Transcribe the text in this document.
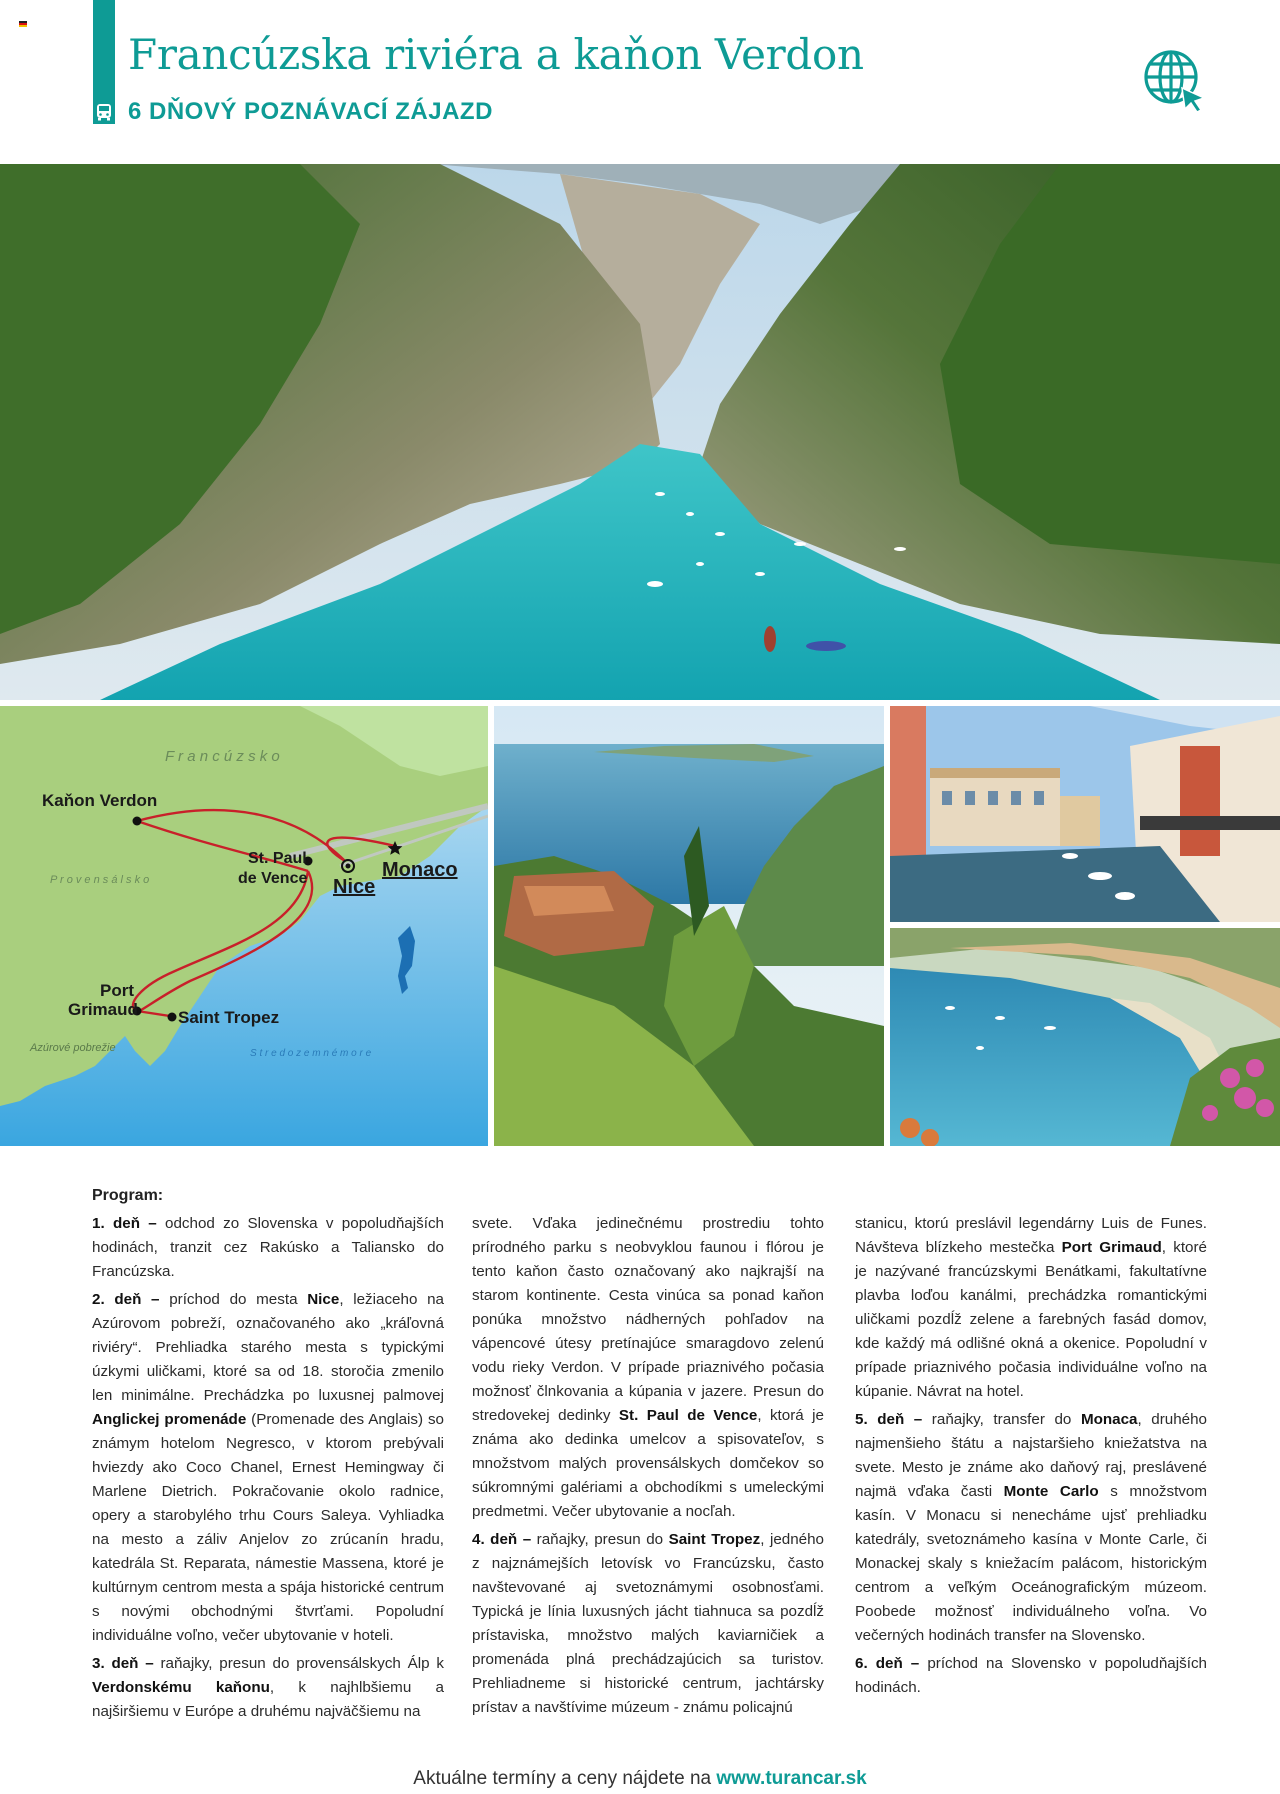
Francúzska riviéra a kaňon Verdon
6 DŇOVÝ POZNÁVACÍ ZÁJAZD
F r a n c ú z s k o
P r o v e n s á l s k o
Azúrové pobrežie	S t r e d o z e m n é m o r e
Kaňon Verdon
St. Paul
de Vence Nice
Monaco
Port
Grimaud Saint Tropez
Program:

1. deň – odchod zo Slovenska v popoludňajších hodinách, tranzit cez Rakúsko a Taliansko do Francúzska.

2. deň – príchod do mesta Nice, ležiaceho na Azúrovom pobreží, označovaného ako „kráľovná riviéry“. Prehliadka starého mesta s typickými úzkymi uličkami, ktoré sa od 18. storočia zmenilo len minimálne. Prechádzka po luxusnej palmovej Anglickej promenáde (Promenade des Anglais) so známym hotelom Negresco, v ktorom prebývali hviezdy ako Coco Chanel, Ernest Hemingway či Marlene Dietrich. Pokračovanie okolo radnice, opery a starobylého trhu Cours Saleya. Vyhliadka na mesto a záliv Anjelov zo zrúcanín hradu, katedrála St. Reparata, námestie Massena, ktoré je kultúrnym centrom mesta a spája historické centrum s novými obchodnými štvrťami. Popoludní individuálne voľno, večer ubytovanie v hoteli.

3. deň – raňajky, presun do provensálskych Álp k Verdonskému kaňonu, k najhlbšiemu a najširšiemu v Európe a druhému najväčšiemu na

svete. Vďaka jedinečnému prostrediu tohto prírodného parku s neobvyklou faunou i flórou je tento kaňon často označovaný ako najkrajší na starom kontinente. Cesta vinúca sa ponad kaňon ponúka množstvo nádherných pohľadov na vápencové útesy pretínajúce smaragdovo zelenú vodu rieky Verdon. V prípade priaznivého počasia možnosť člnkovania a kúpania v jazere. Presun do stredovekej dedinky St. Paul de Vence, ktorá je známa ako dedinka umelcov a spisovateľov, s množstvom malých provensálskych domčekov so súkromnými galériami a obchodíkmi s umeleckými predmetmi. Večer ubytovanie a nocľah.

4. deň – raňajky, presun do Saint Tropez, jedného z najznámejších letovísk vo Francúzsku, často navštevované aj svetoznámymi osobnosťami. Typická je línia luxusných jácht tiahnuca sa pozdĺž prístaviska, množstvo malých kaviarničiek a promenáda plná prechádzajúcich sa turistov. Prehliadneme si historické centrum, jachtársky prístav a navštívime múzeum - známu policajnú

stanicu, ktorú preslávil legendárny Luis de Funes. Návšteva blízkeho mestečka Port Grimaud, ktoré je nazývané francúzskymi Benátkami, fakultatívne plavba loďou kanálmi, prechádzka romantickými uličkami pozdĺž zelene a farebných fasád domov, kde každý má odlišné okná a okenice. Popoludní v prípade priaznivého počasia individuálne voľno na kúpanie. Návrat na hotel.

5. deň – raňajky, transfer do Monaca, druhého najmenšieho štátu a najstaršieho kniežatstva na svete. Mesto je známe ako daňový raj, preslávené najmä vďaka časti Monte Carlo s množstvom kasín. V Monacu si nenecháme ujsť prehliadku katedrály, svetoznámeho kasína v Monte Carle, či Monackej skaly s kniežacím palácom, historickým centrom a veľkým Oceánografickým múzeom. Poobede možnosť individuálneho voľna. Vo večerných hodinách transfer na Slovensko.

6. deň – príchod na Slovensko v popoludňajších hodinách.

Aktuálne termíny a ceny nájdete na www.turancar.sk
